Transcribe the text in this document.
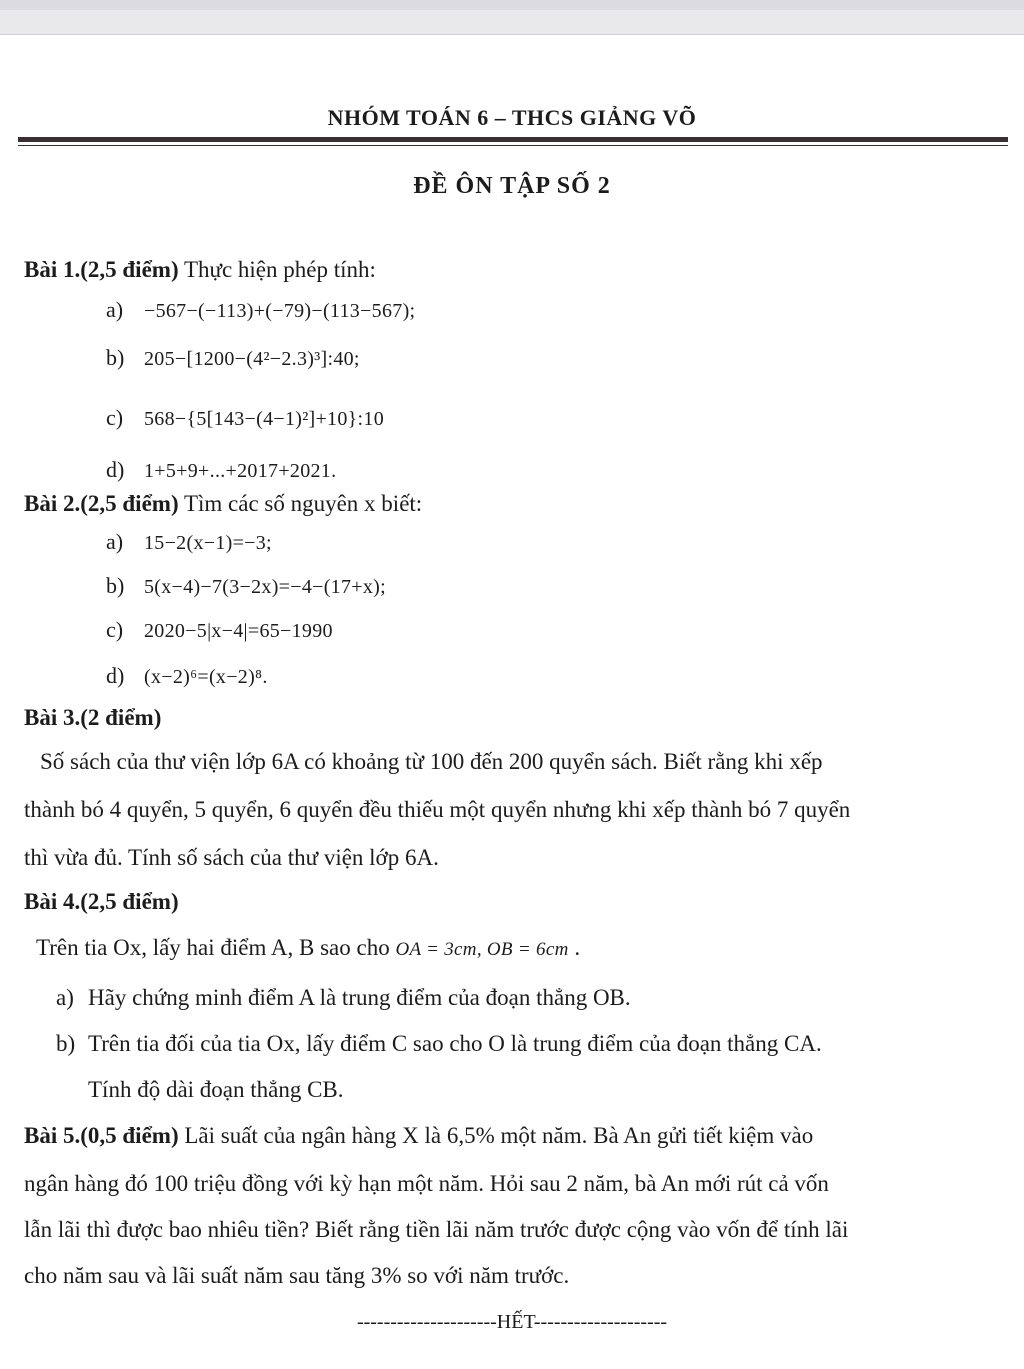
NHÓM TOÁN 6 – THCS GIẢNG VÕ
ĐỀ ÔN TẬP SỐ 2
Bài 1.(2,5 điểm) Thực hiện phép tính:
a) −567−(−113)+(−79)−(113−567);
b) 205−[1200−(4²−2.3)³]:40;
c) 568−{5[143−(4−1)²]+10}:10
d) 1+5+9+...+2017+2021.
Bài 2.(2,5 điểm) Tìm các số nguyên x biết:
a) 15−2(x−1)=−3;
b) 5(x−4)−7(3−2x)=−4−(17+x);
c) 2020−5|x−4|=65−1990
d) (x−2)⁶=(x−2)⁸.
Bài 3.(2 điểm)
Số sách của thư viện lớp 6A có khoảng từ 100 đến 200 quyển sách. Biết rằng khi xếp
thành bó 4 quyển, 5 quyển, 6 quyển đều thiếu một quyển nhưng khi xếp thành bó 7 quyển
thì vừa đủ. Tính số sách của thư viện lớp 6A.
Bài 4.(2,5 điểm)
Trên tia Ox, lấy hai điểm A, B sao cho OA = 3cm, OB = 6cm .
a) Hãy chứng minh điểm A là trung điểm của đoạn thẳng OB.
b) Trên tia đối của tia Ox, lấy điểm C sao cho O là trung điểm của đoạn thẳng CA.
Tính độ dài đoạn thẳng CB.
Bài 5.(0,5 điểm) Lãi suất của ngân hàng X là 6,5% một năm. Bà An gửi tiết kiệm vào
ngân hàng đó 100 triệu đồng với kỳ hạn một năm. Hỏi sau 2 năm, bà An mới rút cả vốn
lẫn lãi thì được bao nhiêu tiền? Biết rằng tiền lãi năm trước được cộng vào vốn để tính lãi
cho năm sau và lãi suất năm sau tăng 3% so với năm trước.
---------------------HẾT--------------------
